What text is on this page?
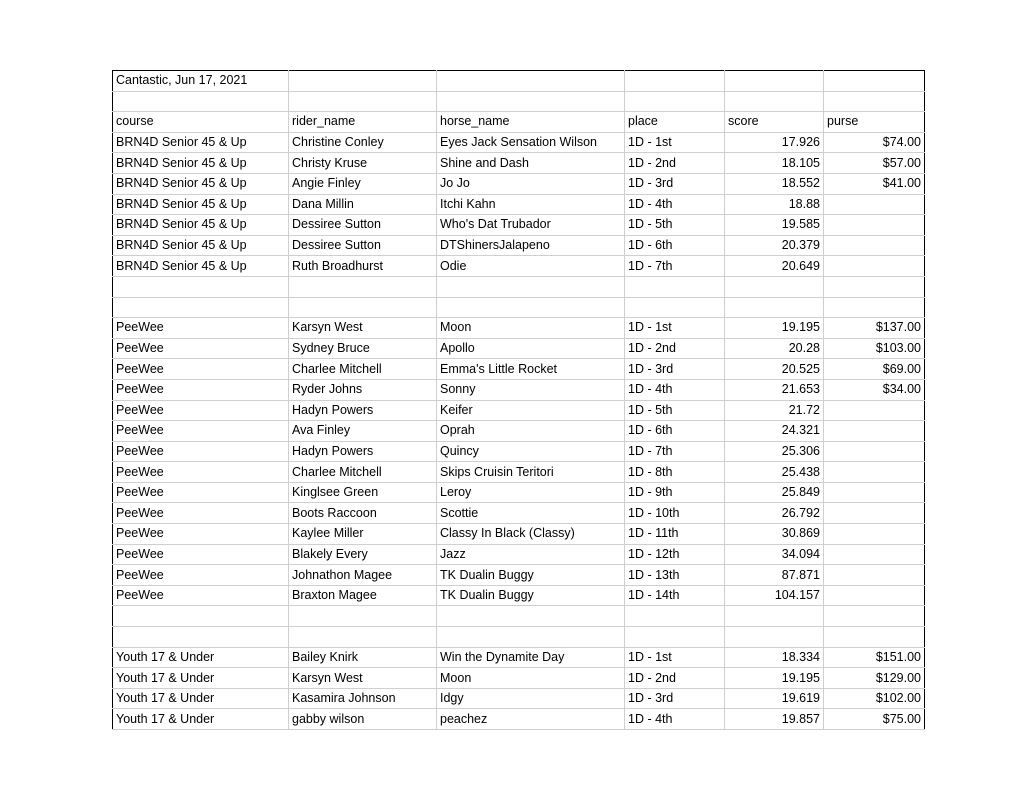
Cantastic, Jun 17, 2021					

course	rider_name	horse_name	place	score	purse
BRN4D Senior 45 & Up	Christine Conley	Eyes Jack Sensation Wilson	1D - 1st	17.926	$74.00
BRN4D Senior 45 & Up	Christy Kruse	Shine and Dash	1D - 2nd	18.105	$57.00
BRN4D Senior 45 & Up	Angie Finley	Jo Jo	1D - 3rd	18.552	$41.00
BRN4D Senior 45 & Up	Dana Millin	Itchi Kahn	1D - 4th	18.88	
BRN4D Senior 45 & Up	Dessiree Sutton	Who's Dat Trubador	1D - 5th	19.585	
BRN4D Senior 45 & Up	Dessiree Sutton	DTShinersJalapeno	1D - 6th	20.379	
BRN4D Senior 45 & Up	Ruth Broadhurst	Odie	1D - 7th	20.649	

PeeWee	Karsyn West	Moon	1D - 1st	19.195	$137.00
PeeWee	Sydney Bruce	Apollo	1D - 2nd	20.28	$103.00
PeeWee	Charlee Mitchell	Emma's Little Rocket	1D - 3rd	20.525	$69.00
PeeWee	Ryder Johns	Sonny	1D - 4th	21.653	$34.00
PeeWee	Hadyn Powers	Keifer	1D - 5th	21.72	
PeeWee	Ava Finley	Oprah	1D - 6th	24.321	
PeeWee	Hadyn Powers	Quincy	1D - 7th	25.306	
PeeWee	Charlee Mitchell	Skips Cruisin Teritori	1D - 8th	25.438	
PeeWee	Kinglsee Green	Leroy	1D - 9th	25.849	
PeeWee	Boots Raccoon	Scottie	1D - 10th	26.792	
PeeWee	Kaylee Miller	Classy In Black (Classy)	1D - 11th	30.869	
PeeWee	Blakely Every	Jazz	1D - 12th	34.094	
PeeWee	Johnathon Magee	TK Dualin Buggy	1D - 13th	87.871	
PeeWee	Braxton Magee	TK Dualin Buggy	1D - 14th	104.157	

Youth 17 & Under	Bailey Knirk	Win the Dynamite Day	1D - 1st	18.334	$151.00
Youth 17 & Under	Karsyn West	Moon	1D - 2nd	19.195	$129.00
Youth 17 & Under	Kasamira Johnson	Idgy	1D - 3rd	19.619	$102.00
Youth 17 & Under	gabby wilson	peachez	1D - 4th	19.857	$75.00
